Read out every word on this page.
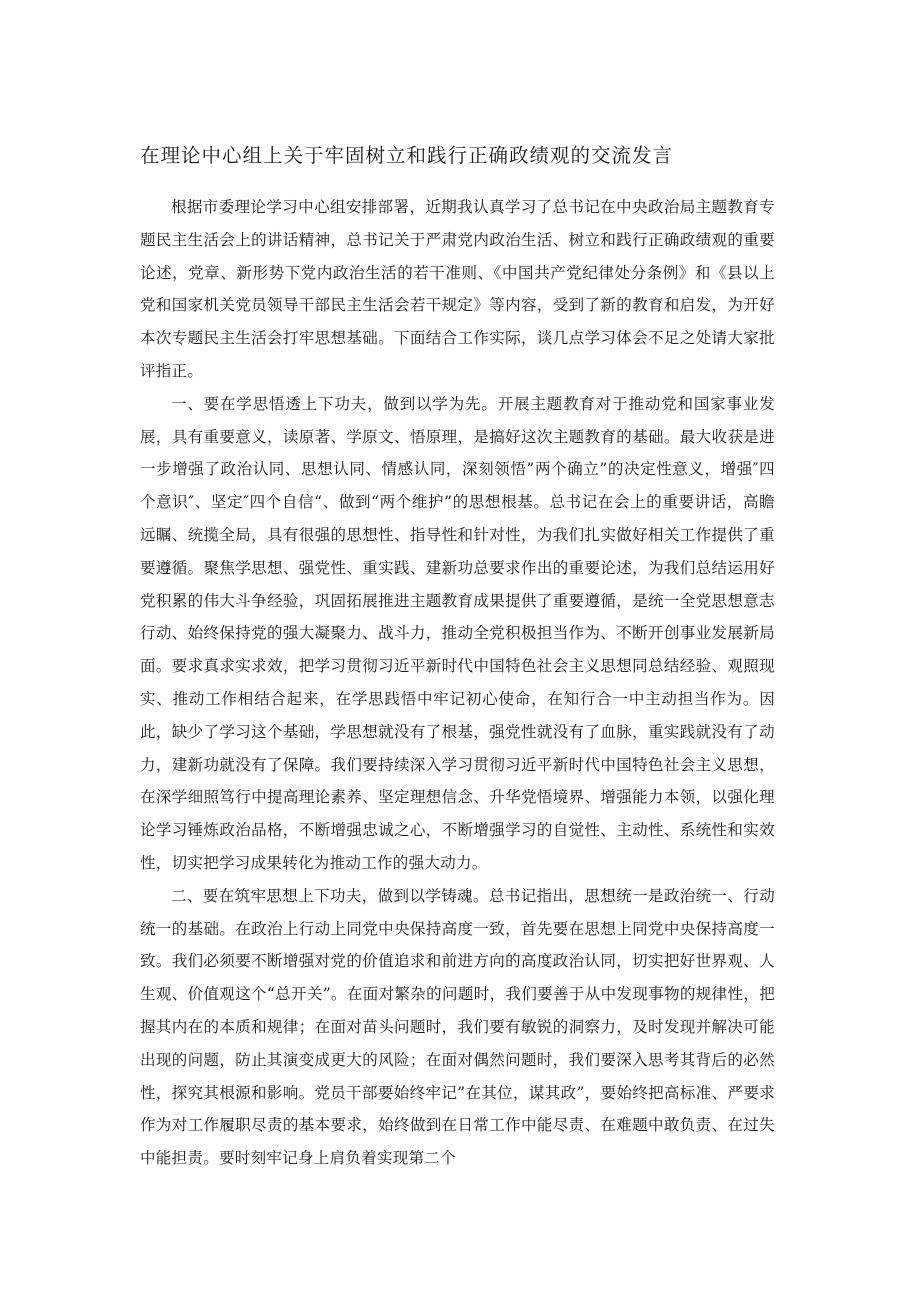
在理论中心组上关于牢固树立和践行正确政绩观的交流发言

根据市委理论学习中心组安排部署，近期我认真学习了总书记在中央政治局主题教育专题民主生活会上的讲话精神，总书记关于严肃党内政治生活、树立和践行正确政绩观的重要论述，党章、新形势下党内政治生活的若干准则、《中国共产党纪律处分条例》和《县以上党和国家机关党员领导干部民主生活会若干规定》等内容，受到了新的教育和启发，为开好本次专题民主生活会打牢思想基础。下面结合工作实际，谈几点学习体会不足之处请大家批评指正。

一、要在学思悟透上下功夫，做到以学为先。开展主题教育对于推动党和国家事业发展，具有重要意义，读原著、学原文、悟原理，是搞好这次主题教育的基础。最大收获是进一步增强了政治认同、思想认同、情感认同，深刻领悟”两个确立”的决定性意义，增强″四个意识″、坚定″四个自信“、做到“两个维护”的思想根基。总书记在会上的重要讲话，高瞻远瞩、统揽全局，具有很强的思想性、指导性和针对性，为我们扎实做好相关工作提供了重要遵循。聚焦学思想、强党性、重实践、建新功总要求作出的重要论述，为我们总结运用好党积累的伟大斗争经验，巩固拓展推进主题教育成果提供了重要遵循，是统一全党思想意志行动、始终保持党的强大凝聚力、战斗力，推动全党积极担当作为、不断开创事业发展新局面。要求真求实求效，把学习贯彻习近平新时代中国特色社会主义思想同总结经验、观照现实、推动工作相结合起来，在学思践悟中牢记初心使命，在知行合一中主动担当作为。因此，缺少了学习这个基础，学思想就没有了根基，强党性就没有了血脉，重实践就没有了动力，建新功就没有了保障。我们要持续深入学习贯彻习近平新时代中国特色社会主义思想，在深学细照笃行中提高理论素养、坚定理想信念、升华党悟境界、增强能力本领，以强化理论学习锤炼政治品格，不断增强忠诚之心，不断增强学习的自觉性、主动性、系统性和实效性，切实把学习成果转化为推动工作的强大动力。

二、要在筑牢思想上下功夫，做到以学铸魂。总书记指出，思想统一是政治统一、行动统一的基础。在政治上行动上同党中央保持高度一致，首先要在思想上同党中央保持高度一致。我们必须要不断增强对党的价值追求和前进方向的高度政治认同，切实把好世界观、人生观、价值观这个“总开关”。在面对繁杂的问题时，我们要善于从中发现事物的规律性，把握其内在的本质和规律；在面对苗头问题时，我们要有敏锐的洞察力，及时发现并解决可能出现的问题，防止其演变成更大的风险；在面对偶然问题时，我们要深入思考其背后的必然性，探究其根源和影响。党员干部要始终牢记”在其位，谋其政”，要始终把高标准、严要求作为对工作履职尽责的基本要求，始终做到在日常工作中能尽责、在难题中敢负责、在过失中能担责。要时刻牢记身上肩负着实现第二个
